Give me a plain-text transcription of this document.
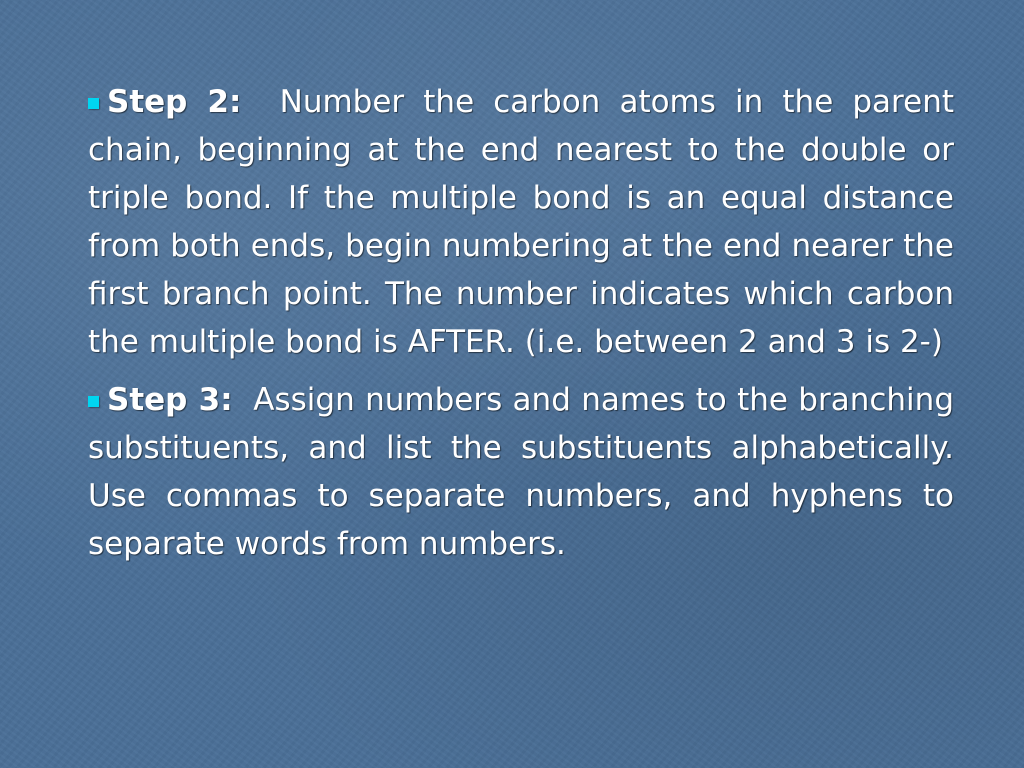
Step 2: Number the carbon atoms in the parent chain, beginning at the end nearest to the double or triple bond. If the multiple bond is an equal distance from both ends, begin numbering at the end nearer the first branch point. The number indicates which carbon the multiple bond is AFTER. (i.e. between 2 and 3 is 2-)
Step 3: Assign numbers and names to the branching substituents, and list the substituents alphabetically. Use commas to separate numbers, and hyphens to separate words from numbers.
